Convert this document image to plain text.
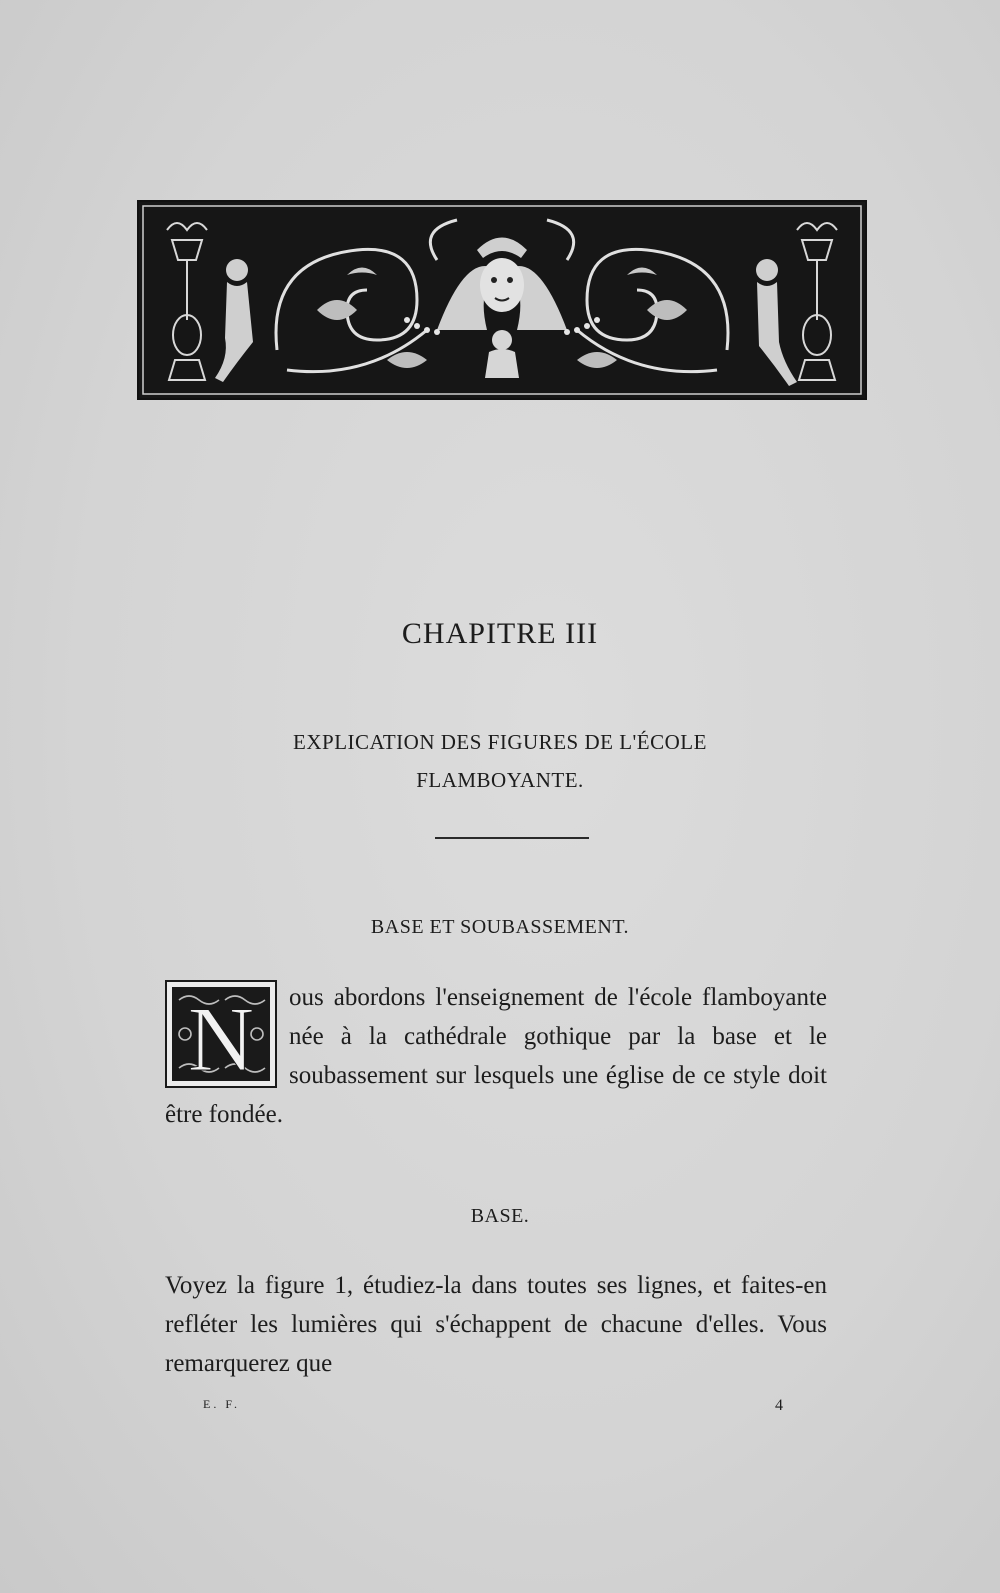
CHAPITRE III
EXPLICATION DES FIGURES DE L'ÉCOLE
FLAMBOYANTE.
BASE ET SOUBASSEMENT.

N ous abordons l'enseignement de l'école flamboyante née à la cathédrale gothique par la base et le soubassement sur lesquels une église de ce style doit être fondée.

BASE.

Voyez la figure 1, étudiez-la dans toutes ses lignes, et faites-en refléter les lumières qui s'échappent de chacune d'elles. Vous remarquerez que

E. F.	4
